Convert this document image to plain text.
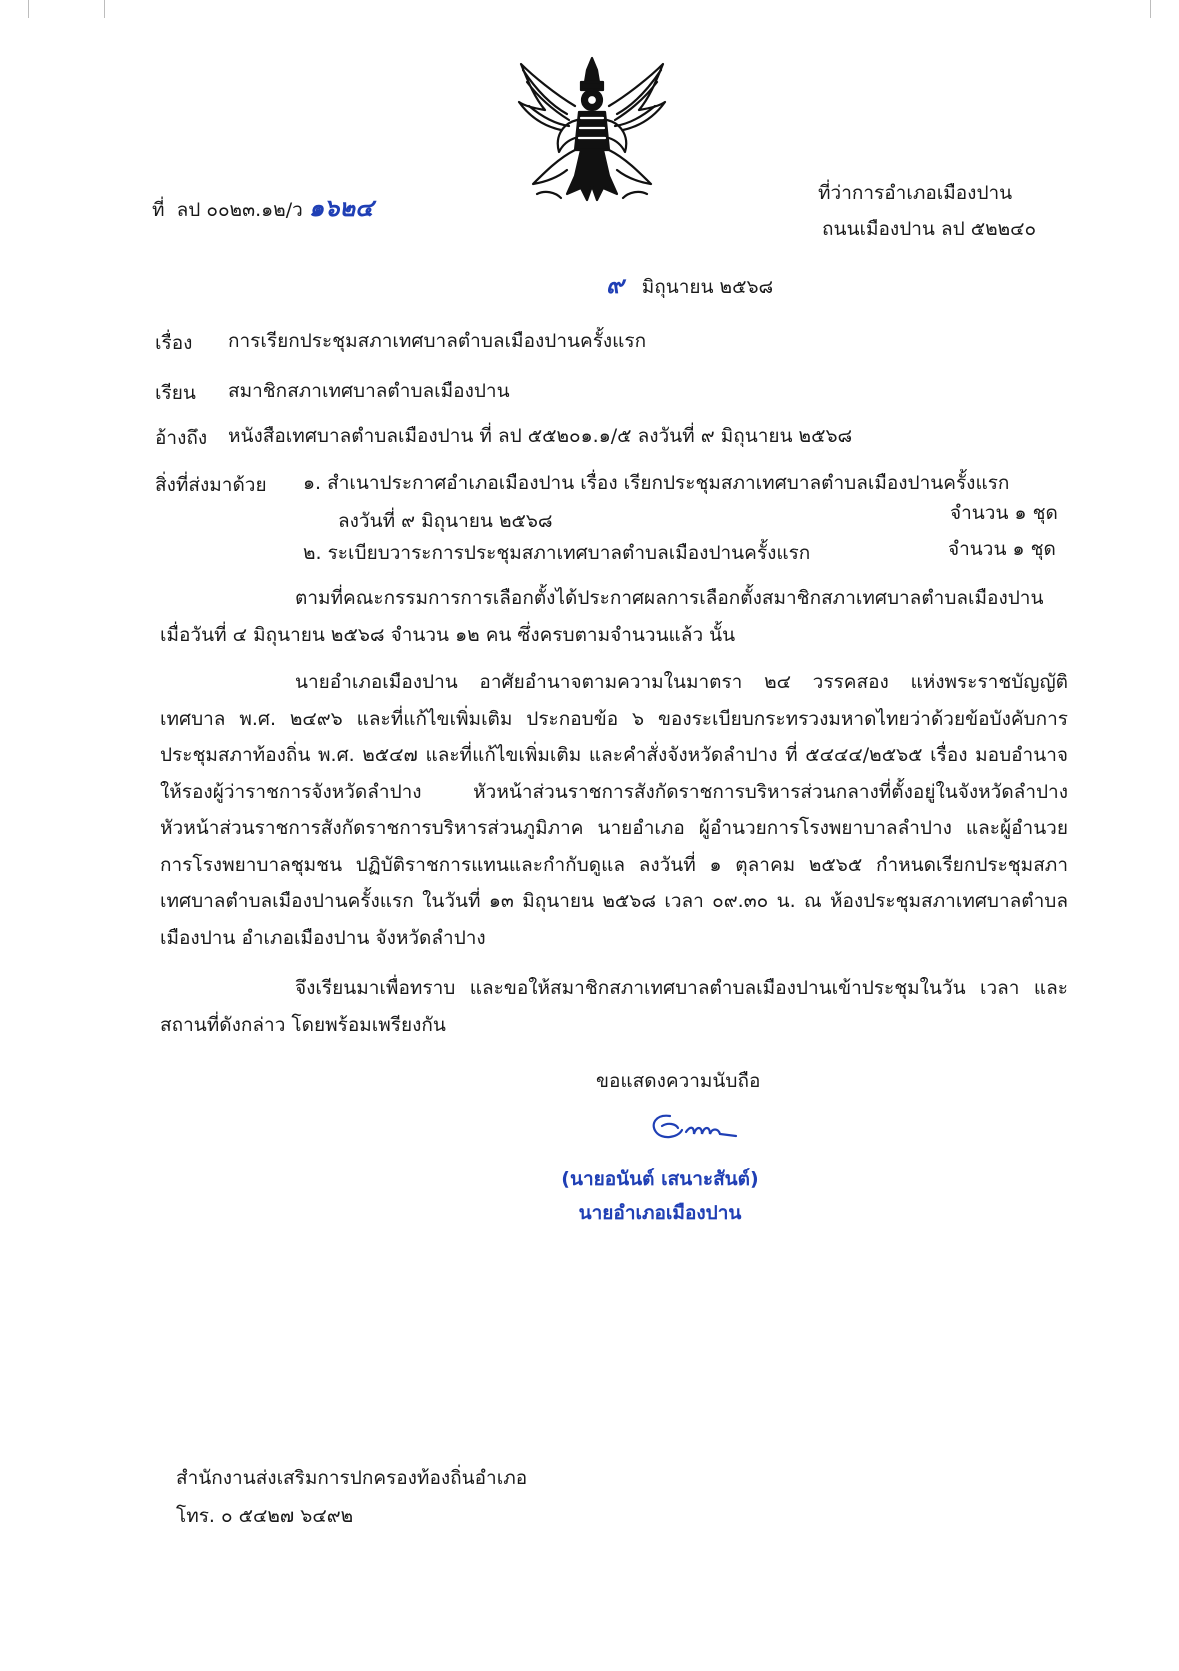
ที่ ลป ๐๐๒๓.๑๒/ว ๑๖๒๔	ที่ว่าการอำเภอเมืองปาน
ถนนเมืองปาน ลป ๕๒๒๔๐
๙ มิถุนายน ๒๕๖๘
เรื่อง การเรียกประชุมสภาเทศบาลตำบลเมืองปานครั้งแรก
เรียน สมาชิกสภาเทศบาลตำบลเมืองปาน
อ้างถึง หนังสือเทศบาลตำบลเมืองปาน ที่ ลป ๕๕๒๐๑.๑/๕ ลงวันที่ ๙ มิถุนายน ๒๕๖๘
สิ่งที่ส่งมาด้วย ๑. สำเนาประกาศอำเภอเมืองปาน เรื่อง เรียกประชุมสภาเทศบาลตำบลเมืองปานครั้งแรก
ลงวันที่ ๙ มิถุนายน ๒๕๖๘	จำนวน ๑ ชุด
๒. ระเบียบวาระการประชุมสภาเทศบาลตำบลเมืองปานครั้งแรก	จำนวน ๑ ชุด
ตามที่คณะกรรมการการเลือกตั้งได้ประกาศผลการเลือกตั้งสมาชิกสภาเทศบาลตำบลเมืองปาน เมื่อวันที่ ๔ มิถุนายน ๒๕๖๘ จำนวน ๑๒ คน ซึ่งครบตามจำนวนแล้ว นั้น
นายอำเภอเมืองปาน อาศัยอำนาจตามความในมาตรา ๒๔ วรรคสอง แห่งพระราชบัญญัติเทศบาล พ.ศ. ๒๔๙๖ และที่แก้ไขเพิ่มเติม ประกอบข้อ ๖ ของระเบียบกระทรวงมหาดไทยว่าด้วยข้อบังคับการประชุมสภาท้องถิ่น พ.ศ. ๒๕๔๗ และที่แก้ไขเพิ่มเติม และคำสั่งจังหวัดลำปาง ที่ ๕๔๔๔/๒๕๖๕ เรื่อง มอบอำนาจให้รองผู้ว่าราชการจังหวัดลำปาง หัวหน้าส่วนราชการสังกัดราชการบริหารส่วนกลางที่ตั้งอยู่ในจังหวัดลำปาง หัวหน้าส่วนราชการสังกัดราชการบริหารส่วนภูมิภาค นายอำเภอ ผู้อำนวยการโรงพยาบาลลำปาง และผู้อำนวยการโรงพยาบาลชุมชน ปฏิบัติราชการแทนและกำกับดูแล ลงวันที่ ๑ ตุลาคม ๒๕๖๕ กำหนดเรียกประชุมสภาเทศบาลตำบลเมืองปานครั้งแรก ในวันที่ ๑๓ มิถุนายน ๒๕๖๘ เวลา ๐๙.๓๐ น. ณ ห้องประชุมสภาเทศบาลตำบลเมืองปาน อำเภอเมืองปาน จังหวัดลำปาง
จึงเรียนมาเพื่อทราบ และขอให้สมาชิกสภาเทศบาลตำบลเมืองปานเข้าประชุมในวัน เวลา และสถานที่ดังกล่าว โดยพร้อมเพรียงกัน
ขอแสดงความนับถือ
(นายอนันต์ เสนาะสันต์)
นายอำเภอเมืองปาน
สำนักงานส่งเสริมการปกครองท้องถิ่นอำเภอ
โทร. ๐ ๕๔๒๗ ๖๔๙๒
